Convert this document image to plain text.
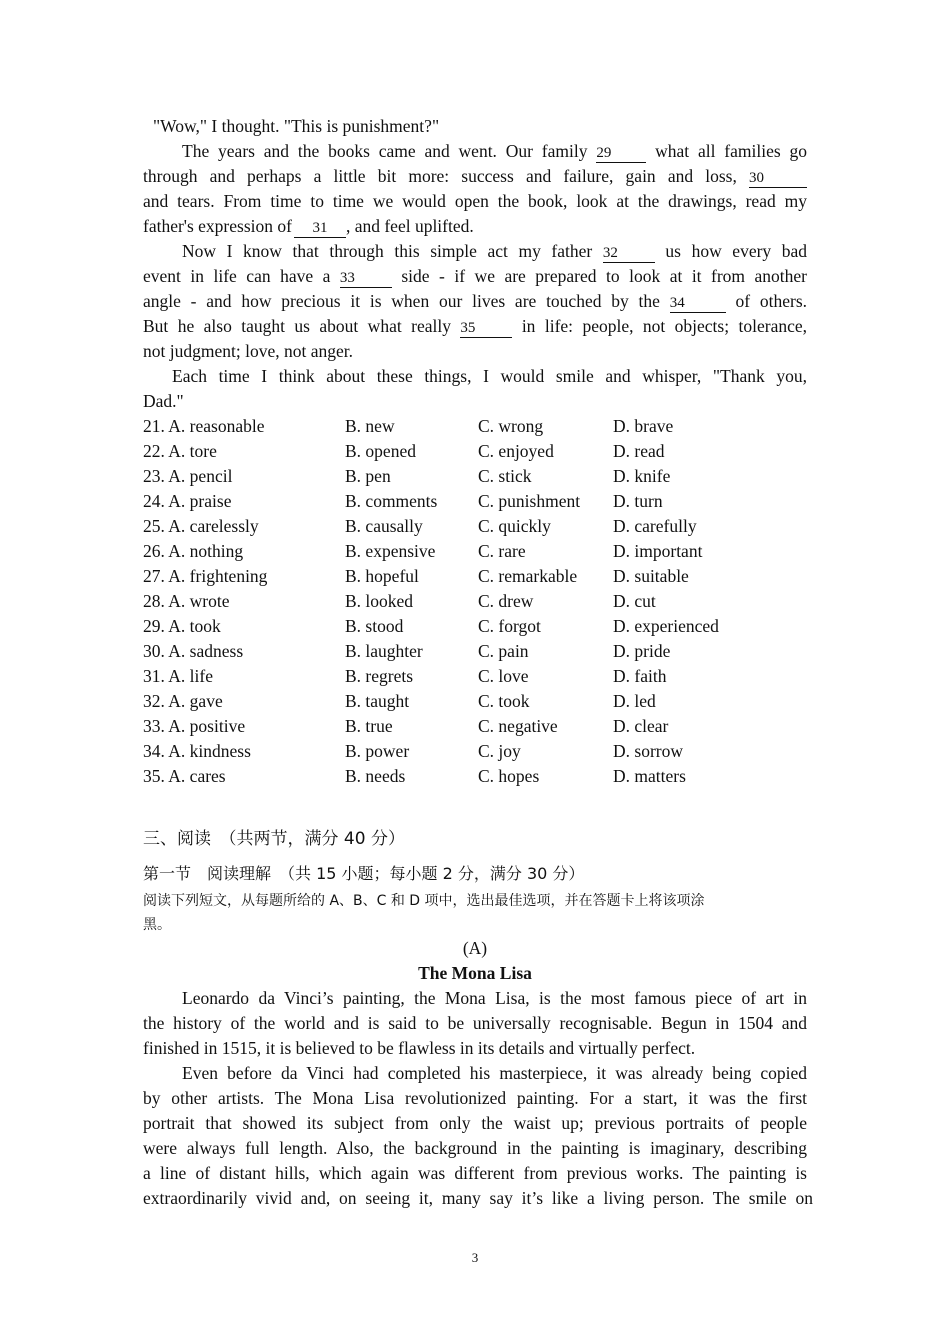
"Wow," I thought. "This is punishment?"
The years and the books came and went. Our family 29	what all families go
through and perhaps a little bit more: success and failure, gain and loss, 30
and tears. From time to time we would open the book, look at the drawings, read my
father's expression of 31 , and feel uplifted.
Now I know that through this simple act my father 32	us how every bad
event in life can have a 33	side - if we are prepared to look at it from another
angle - and how precious it is when our lives are touched by the 34	of others.
But he also taught us about what really 35	in life: people, not objects; tolerance,
not judgment; love, not anger.
Each time I think about these things, I would smile and whisper, "Thank you,
Dad."
21. A. reasonable	B. new	C. wrong	D. brave
22. A. tore	B. opened	C. enjoyed	D. read
23. A. pencil	B. pen	C. stick	D. knife
24. A. praise	B. comments C. punishment D. turn
25. A. carelessly	B. causally	C. quickly	D. carefully
26. A. nothing	B. expensive C. rare	D. important
27. A. frightening	B. hopeful	C. remarkable D. suitable
28. A. wrote	B. looked	C. drew	D. cut
29. A. took	B. stood	C. forgot	D. experienced
30. A. sadness	B. laughter	C. pain	D. pride
31. A. life	B. regrets	C. love	D. faith
32. A. gave	B. taught	C. took	D. led
33. A. positive	B. true	C. negative	D. clear
34. A. kindness	B. power	C. joy	D. sorrow
35. A. cares	B. needs	C. hopes	D. matters
三、阅读　（共两节，满分 40 分）
第一节　阅读理解　（共 15 小题；每小题 2 分，满分 30 分）
阅读下列短文，从每题所给的 A、B、C 和 D 项中，选出最佳选项，并在答题卡上将该项涂
黑。
(A)
The Mona Lisa
Leonardo da Vinci’s painting, the Mona Lisa, is the most famous piece of art in
the history of the world and is said to be universally recognisable. Begun in 1504 and
finished in 1515, it is believed to be flawless in its details and virtually perfect.
Even before da Vinci had completed his masterpiece, it was already being copied
by other artists. The Mona Lisa revolutionized painting. For a start, it was the first
portrait that showed its subject from only the waist up; previous portraits of people
were always full length. Also, the background in the painting is imaginary, describing
a line of distant hills, which again was different from previous works. The painting is
extraordinarily vivid and, on seeing it, many say it’s like a living person. The smile on
3
